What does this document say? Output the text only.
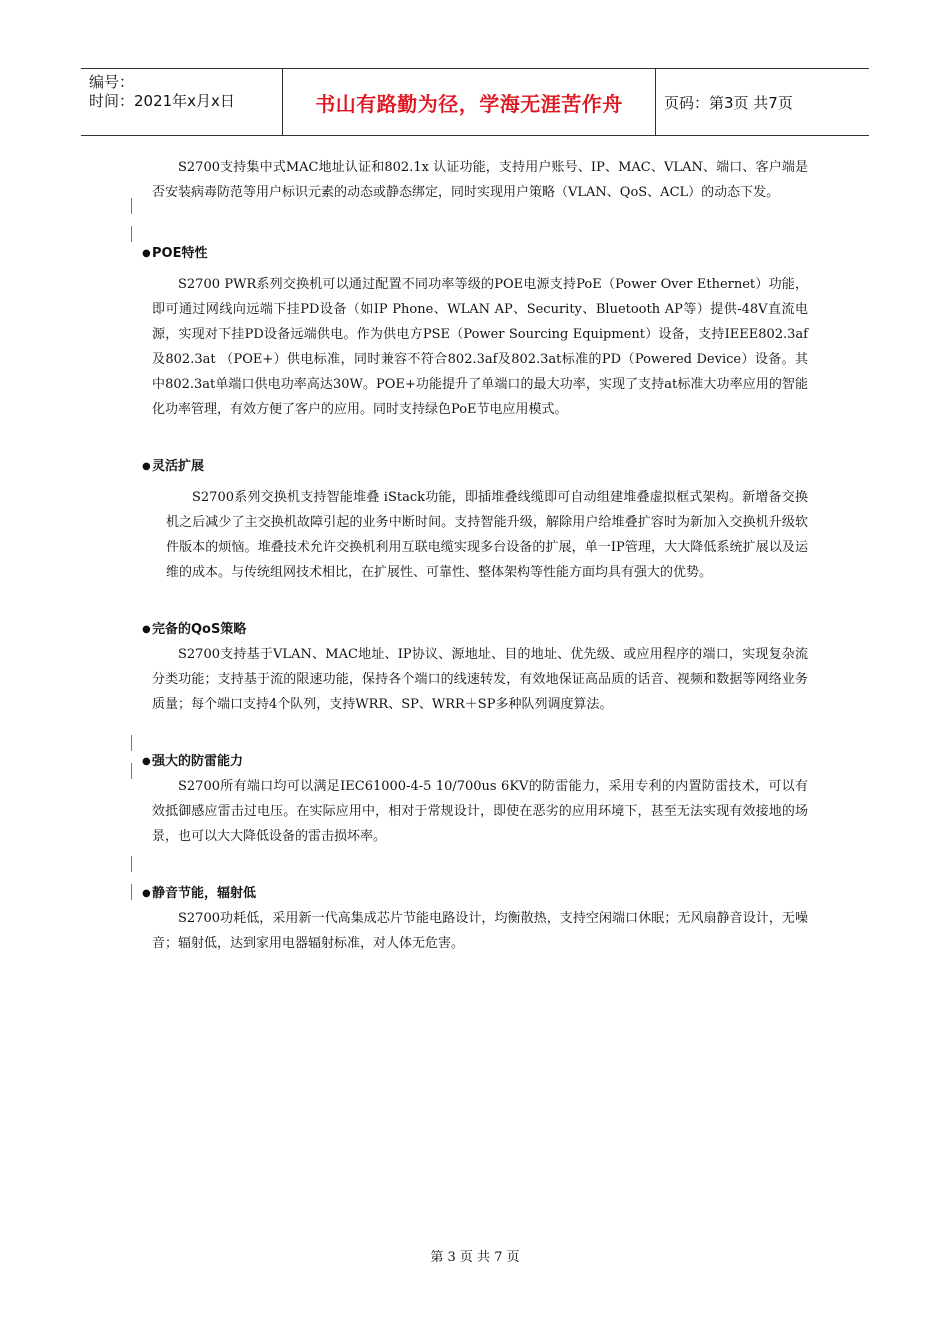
编号：
时间：2021年x月x日	书山有路勤为径，学海无涯苦作舟	页码：第3页 共7页

S2700支持集中式MAC地址认证和802.1x 认证功能，支持用户账号、IP、MAC、VLAN、端口、客户端是否安装病毒防范等用户标识元素的动态或静态绑定，同时实现用户策略（VLAN、QoS、ACL）的动态下发。

● POE特性

S2700 PWR系列交换机可以通过配置不同功率等级的POE电源支持PoE（Power Over Ethernet）功能， 即可通过网线向远端下挂PD设备（如IP Phone、WLAN AP、Security、Bluetooth AP等）提供-48V直流电源，实现对下挂PD设备远端供电。作为供电方PSE（Power Sourcing Equipment）设备，支持IEEE802.3af及802.3at （POE+）供电标准，同时兼容不符合802.3af及802.3at标准的PD（Powered Device）设备。其中802.3at单端口供电功率高达30W。POE+功能提升了单端口的最大功率，实现了支持at标准大功率应用的智能化功率管理，有效方便了客户的应用。同时支持绿色PoE节电应用模式。

● 灵活扩展

S2700系列交换机支持智能堆叠 iStack功能，即插堆叠线缆即可自动组建堆叠虚拟框式架构。新增备交换机之后减少了主交换机故障引起的业务中断时间。支持智能升级，解除用户给堆叠扩容时为新加入交换机升级软件版本的烦恼。堆叠技术允许交换机利用互联电缆实现多台设备的扩展，单一IP管理，大大降低系统扩展以及运维的成本。与传统组网技术相比，在扩展性、可靠性、整体架构等性能方面均具有强大的优势。

● 完备的QoS策略

S2700支持基于VLAN、MAC地址、IP协议、源地址、目的地址、优先级、或应用程序的端口，实现复杂流分类功能；支持基于流的限速功能，保持各个端口的线速转发，有效地保证高品质的话音、视频和数据等网络业务质量；每个端口支持4个队列，支持WRR、SP、WRR＋SP多种队列调度算法。

● 强大的防雷能力

S2700所有端口均可以满足IEC61000-4-5 10/700us 6KV的防雷能力，采用专利的内置防雷技术，可以有效抵御感应雷击过电压。在实际应用中，相对于常规设计，即使在恶劣的应用环境下，甚至无法实现有效接地的场景，也可以大大降低设备的雷击损坏率。

● 静音节能，辐射低

S2700功耗低，采用新一代高集成芯片节能电路设计，均衡散热，支持空闲端口休眠；无风扇静音设计，无噪音；辐射低，达到家用电器辐射标准，对人体无危害。

第 3 页 共 7 页
